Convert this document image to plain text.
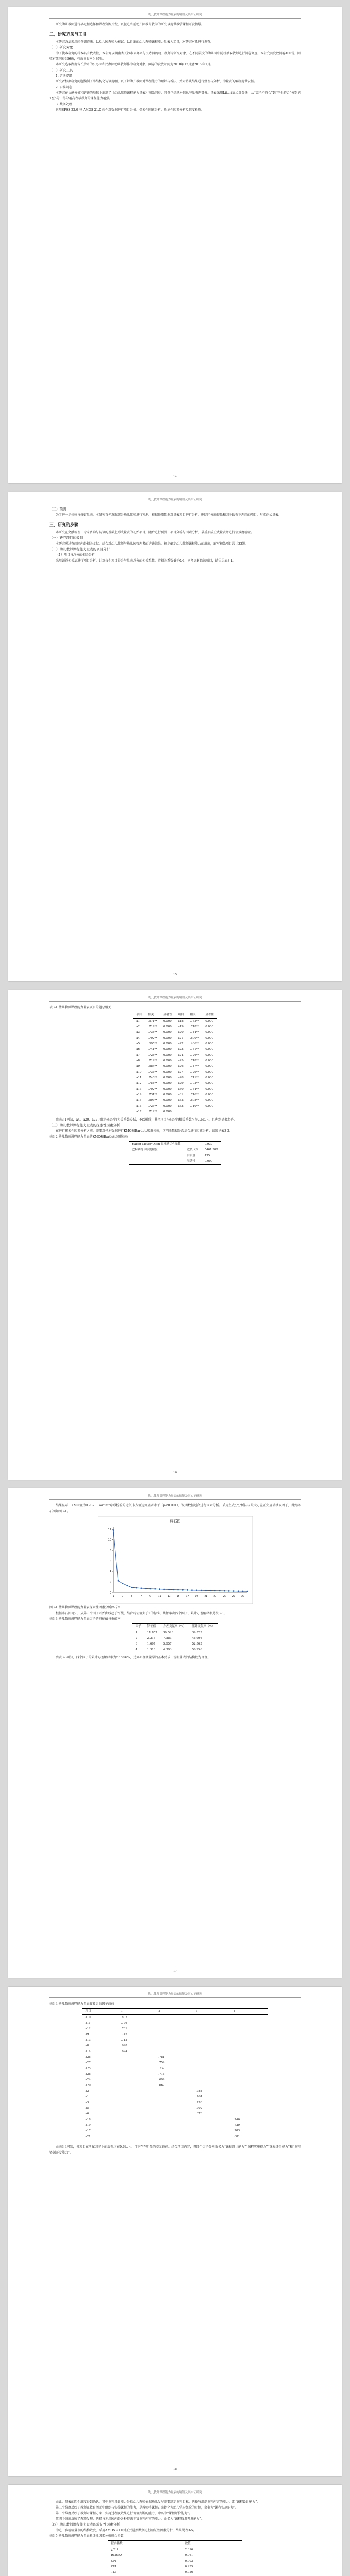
幼儿教师课程能力量表的编制及其实证研究

研究幼儿教师进行早过程选择和课程资源开发，以促进当前幼儿园教育教学的研究以提供教学课程开发指导。

二、研究方法与工具

本研究方法采用问卷调查法，以幼儿园教师为被试，以自编的幼儿教师课程能力量表为工具，对研究对象进行调查。

（一）研究对象

为了使本研究的样本具有代表性，本研究以湖南省长沙市公办园与民办园的幼儿教师为研究对象，在不同层次的幼儿园中随机抽取教师进行问卷调查。本研究共发放问卷400份，回收有效问卷356份，有效回收率为89%。

本研究选取湖南省长沙市的公办园和民办园幼儿教师作为研究对象，问卷的发放时间为2018年12月至2019年1月。

（二）研究工具

1. 访谈提纲

研究者根据研究问题编制了半结构化访谈提纲，以了解幼儿教师对课程能力的理解与看法，并对访谈结果进行整理与分析，为量表的编制提供依据。

2. 自编问卷

本研究在文献分析和访谈的基础上编制了《幼儿教师课程能力量表》初始问卷，问卷包括基本信息与量表两部分。量表采用Likert五点计分法，从“完全不符合”到“完全符合”分别记1至5分，得分越高表示教师的课程能力越强。

3. 数据处理

运用SPSS 22.0 与 AMOS 21.0 软件对数据进行项目分析、探索性因素分析、验证性因素分析及信度检验。

14
幼儿教师课程能力量表的编制及其实证研究

（三）预测

为了进一步检验与修订量表，本研究首先选取部分幼儿教师进行预测。根据预测数据对量表项目进行分析，删除区分度较低和因子载荷不理想的项目，形成正式量表。

三、研究的步骤

本研究在文献梳理、专家咨询与访谈的基础上形成量表的初始项目，随后进行预测、项目分析与因素分析，最后形成正式量表并进行信效度检验。

（一）研究项目的编制

本研究通过查阅国内外相关文献，结合对幼儿教师与幼儿园管理者的访谈结果，初步确定幼儿教师课程能力的维度，编写初始项目共计33题。

（二）幼儿教师课程能力量表的项目分析

（1）项目与总分的相关分析

采用题总相关法进行项目分析，计算每个项目得分与量表总分的相关系数，若相关系数低于0.4，则考虑删除该项目，结果见表3-1。

15
幼儿教师课程能力量表的编制及其实证研究

表3-1 幼儿教师课程能力量表项目的题总相关

项目	相关	显著性	项目	相关	显著性
a1	.671**	0.000	a18	.752**	0.000
a2	.714**	0.000	a19	.718**	0.000
a3	.738**	0.000	a20	.744**	0.000
a4	.702**	0.000	a21	.690**	0.000
a5	.695**	0.000	a22	.406**	0.000
a6	.741**	0.000	a23	.731**	0.000
a7	.728**	0.000	a24	.726**	0.000
a8	.719**	0.000	a25	.718**	0.000
a9	.684**	0.000	a26	.747**	0.000
a10	.736**	0.000	a27	.729**	0.000
a11	.740**	0.000	a28	.711**	0.000
a12	.758**	0.000	a29	.702**	0.000
a13	.702**	0.000	a30	.734**	0.000
a14	.731**	0.000	a31	.716**	0.000
a15	.693**	0.000	a32	.698**	0.000
a16	.725**	0.000	a33	.710**	0.000
a17	.712**	0.000			

由表3-1可知，a4、a20、a22 项目与总分的相关系数较低，予以删除，其余项目与总分的相关系数均在0.6以上，且达到显著水平。

（三）幼儿教师课程能力量表的探索性因素分析

在进行探索性因素分析之前，需要对样本数据进行KMO和Bartlett球形检验，以判断数据是否适合进行因素分析，结果见表3-2。

表3-2 幼儿教师课程能力量表的KMO和Bartlett球形检验

Kaiser-Meyer-Olkin 取样适切性量数		0.937
巴特利特球形度检验	近似卡方	5461.302
	自由度	435
	显著性	0.000
16
幼儿教师课程能力量表的编制及其实证研究

结果显示，KMO值为0.937，Bartlett球形检验的近似卡方值达到显著水平（p<0.001），说明数据适合进行因素分析。采用主成分分析法与最大方差正交旋转抽取因子，得到碎石图如图3-1。

碎石图
0
2
4
6
8
10
12
1	3	5	7	9	11	13	15	17	19	21	23	25	27	29

图3-1 幼儿教师课程能力量表探索性因素分析碎石图

根据碎石图可知，从第五个因子开始曲线趋于平缓，结合特征值大于1的标准，共抽取出四个因子，累计方差解释率见表3-3。

表3-3 幼儿教师课程能力量表因子的特征值与贡献率

因子	特征值	方差贡献率（%）	累计贡献率（%）
1	11.857	39.523	39.523
2	2.215	7.383	46.906
3	1.697	5.657	52.563
4	1.318	4.393	56.956

由表3-3可知，四个因子的累计方差解释率为56.956%，达到心理测量学的基本要求，说明量表的结构较为合理。

17
幼儿教师课程能力量表的编制及其实证研究

表3-4 幼儿教师课程能力量表旋转后的因子载荷

项目	1	2	3	4
a10	.802			
a11	.776			
a12	.761			
a9	.745			
a13	.712			
a8	.698			
a14	.674			
a26		.781		
a27		.759		
a25		.732		
a28		.716		
a24		.694		
a29		.662		
a2			.784	
a1			.761	
a3			.738	
a5			.702	
a6			.673	
a18				.746
a19				.729
a17				.703
a21				.681

由表3-4可知，各项目在所属因子上的载荷均在0.6以上，且不存在明显的交叉载荷。结合项目内容，将四个因子分别命名为“课程设计能力”“课程实施能力”“课程评价能力”和“课程资源开发能力”。

18
幼儿教师课程能力量表的编制及其实证研究

由此，量表的四个维度得到确认，其中课程设计能力是指幼儿教师依据幼儿发展需要制定课程目标、选择与组织课程内容的能力，即“课程设计能力”。

第二个维度反映了教师在教育活动中组织与实施课程的能力，是教师将课程方案转化为幼儿学习经验的过程，命名为“课程实施能力”。

第三个维度反映了教师对课程方案、实施过程及效果进行价值判断的能力，命名为“课程评价能力”。

第四个维度反映了教师发现、选择与利用园内外各种资源丰富课程内容的能力，命名为“课程资源开发能力”。

（四）幼儿教师课程能力量表的验证性因素分析

为进一步检验量表的结构效度，采用AMOS 21.0对正式施测数据进行验证性因素分析，结果见表3-5。

表3-5 幼儿教师课程能力量表验证性因素分析拟合指数

拟合指数	数值
χ²/df	2.316
RMSEA	0.061
GFI	0.903
CFI	0.935
TLI	0.926
